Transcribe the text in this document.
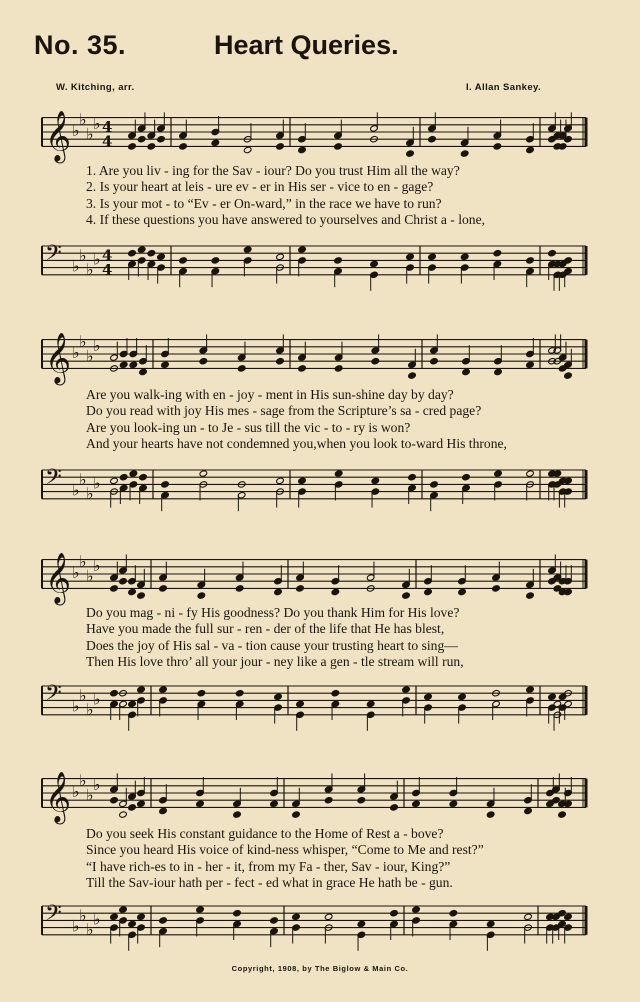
No. 35.	Heart Queries.
W. Kitching, arr.	I. Allan Sankey.
𝄞 ♭
♭
♭
♭ 4
4
1. Are you liv - ing for the Sav - iour? Do you trust Him all the way?
2. Is your heart at leis - ure ev - er in His ser - vice to en - gage?
3. Is your mot - to “Ev - er On-ward,” in the race we have to run?
4. If these questions you have answered to yourselves and Christ a - lone,
𝄢 ♭
♭
♭
♭ 4
4
𝄞 ♭
♭
♭
♭
Are you walk-ing with en - joy - ment in His sun-shine day by day?
Do you read with joy His mes - sage from the Scripture’s sa - cred page?
Are you look-ing un - to Je - sus till the vic - to - ry is won?
And your hearts have not condemned you,when you look to-ward His throne,
𝄢 ♭
♭
♭
♭
𝄞 ♭
♭
♭
♭
Do you mag - ni - fy His goodness? Do you thank Him for His love?
Have you made the full sur - ren - der of the life that He has blest,
Does the joy of His sal - va - tion cause your trusting heart to sing—
Then His love thro’ all your jour - ney like a gen - tle stream will run,
𝄢 ♭
♭
♭
♭
𝄞 ♭
♭
♭
♭
Do you seek His constant guidance to the Home of Rest a - bove?
Since you heard His voice of kind-ness whisper, “Come to Me and rest?”
“I have rich-es to in - her - it, from my Fa - ther, Sav - iour, King?”
Till the Sav-iour hath per - fect - ed what in grace He hath be - gun.
𝄢 ♭
♭
♭
♭
Copyright, 1908, by The Biglow & Main Co.
